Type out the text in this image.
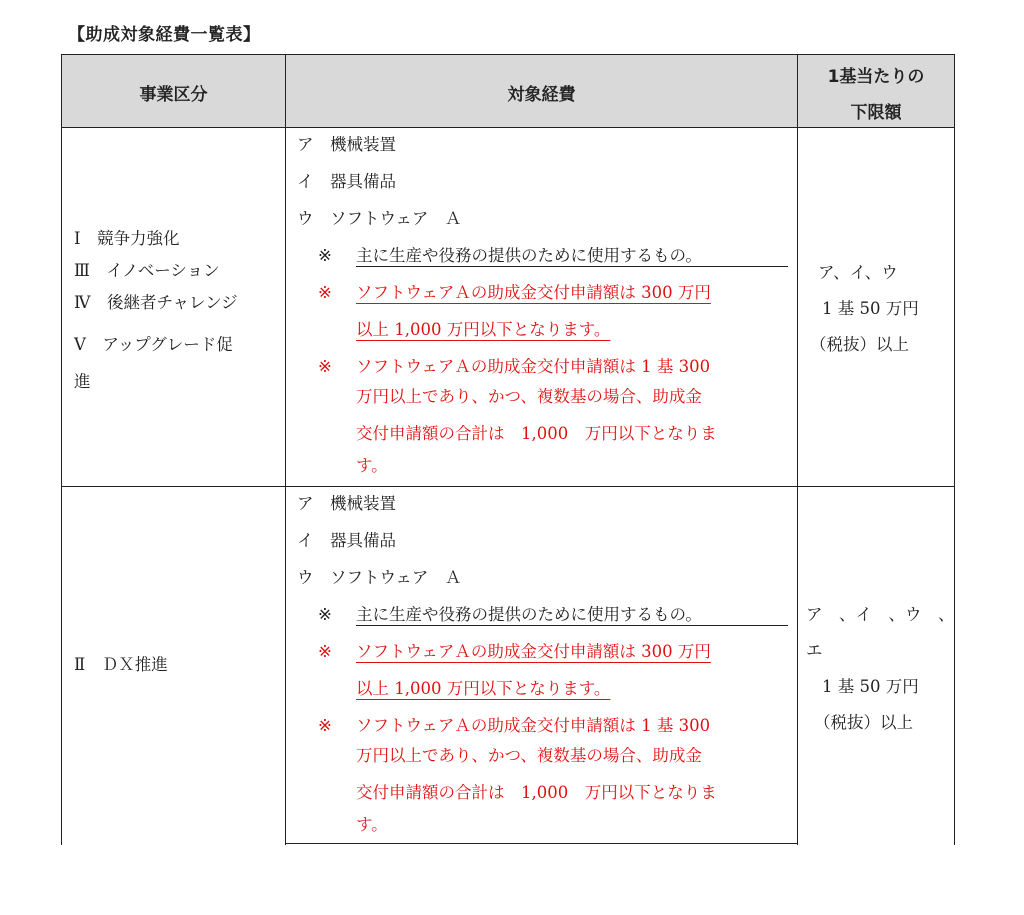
【助成対象経費一覧表】
事業区分	対象経費
1基当たりの
下限額
Ⅰ　競争力強化
Ⅲ　イノベーション
Ⅳ　後継者チャレンジ
Ⅴ　アップグレード促
進
ア　機械装置
イ　器具備品
ウ　ソフトウェア　Ａ
※ 主に生産や役務の提供のために使用するもの。
※ ソフトウェアＡの助成金交付申請額は 300 万円
以上 1,000 万円以下となります。
※ ソフトウェアＡの助成金交付申請額は 1 基 300
万円以上であり、かつ、複数基の場合、助成金
交付申請額の合計は　1,000　万円以下となりま
す。
ア、イ、ウ
1 基 50 万円
（税抜）以上
Ⅱ　ＤＸ推進
ア　機械装置
イ　器具備品
ウ　ソフトウェア　Ａ
※ 主に生産や役務の提供のために使用するもの。
※ ソフトウェアＡの助成金交付申請額は 300 万円
以上 1,000 万円以下となります。
※ ソフトウェアＡの助成金交付申請額は 1 基 300
万円以上であり、かつ、複数基の場合、助成金
交付申請額の合計は　1,000　万円以下となりま
す。
ア　、イ　、ウ　、
エ
1 基 50 万円
（税抜）以上
